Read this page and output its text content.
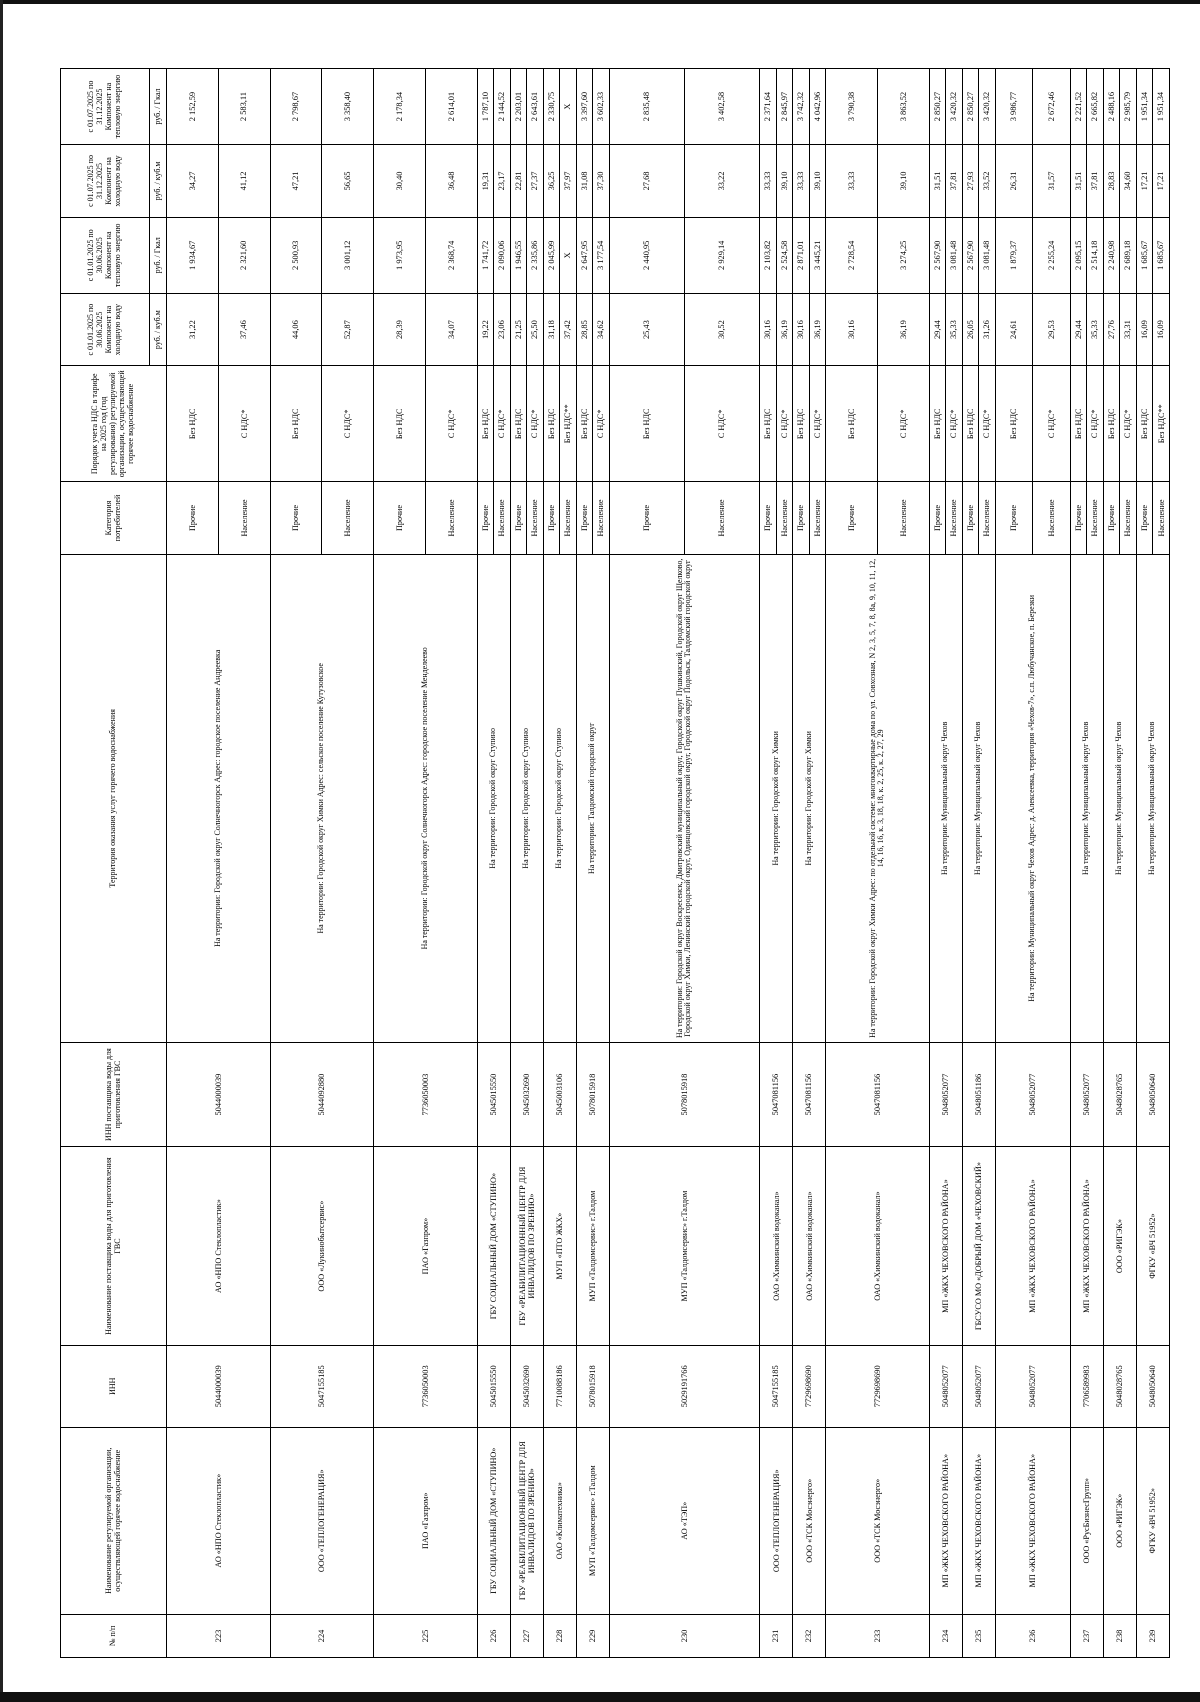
№ п/п	Наименование регулируемой организации, осуществляющей горячее водоснабжение	ИНН	Наименование поставщика воды для приготовления ГВС	ИНН поставщика воды для приготовления ГВС	Территория оказания услуг горячего водоснабжения	Категория потребителей	Порядок учета НДС в тарифе на 2025 год (год регулирования) регулируемой организации, осуществляющей горячее водоснабжение	с 01.01.2025 по 30.06.2025 Компонент на холодную воду	с 01.01.2025 по 30.06.2025 Компонент на тепловую энергию	с 01.07.2025 по 31.12.2025 Компонент на холодную воду	с 01.07.2025 по 31.12.2025 Компонент на тепловую энергию
								руб. / куб.м	руб. / Гкал	руб. / куб.м	руб. / Гкал
223	АО «НПО Стеклопластик»	5044000039	АО «НПО Стеклопластик»	5044000039	На территории: Городской округ Солнечногорск Адрес: городское поселение Андреевка	Прочие	Без НДС	31,22	1 934,67	34,27	2 152,59
						Население	С НДС*	37,46	2 321,60	41,12	2 583,11
224	ООО «ТЕПЛОГЕНЕРАЦИЯ»	5047155185	ООО «Лукинобытсервис»	5044092880	На территории: Городской округ Химки Адрес: сельское поселение Кутузовское	Прочие	Без НДС	44,06	2 500,93	47,21	2 798,67
						Население	С НДС*	52,87	3 001,12	56,65	3 358,40
225	ПАО «Газпром»	7736050003	ПАО «Газпром»	7736050003	На территории: Городской округ Солнечногорск Адрес: городское поселение Менделеево	Прочие	Без НДС	28,39	1 973,95	30,40	2 178,34
						Население	С НДС*	34,07	2 368,74	36,48	2 614,01
226	ГБУ СОЦИАЛЬНЫЙ ДОМ «СТУПИНО»	5045015550	ГБУ СОЦИАЛЬНЫЙ ДОМ «СТУПИНО»	5045015550	На территории: Городской округ Ступино	Прочие	Без НДС	19,22	1 741,72	19,31	1 787,10
						Население	С НДС*	23,06	2 090,06	23,17	2 144,52
227	ГБУ «РЕАБИЛИТАЦИОННЫЙ ЦЕНТР ДЛЯ ИНВАЛИДОВ ПО ЗРЕНИЮ»	5045032690	ГБУ «РЕАБИЛИТАЦИОННЫЙ ЦЕНТР ДЛЯ ИНВАЛИДОВ ПО ЗРЕНИЮ»	5045032690	На территории: Городской округ Ступино	Прочие	Без НДС	21,25	1 946,55	22,81	2 203,01
						Население	С НДС*	25,50	2 335,86	27,37	2 643,61
228	ОАО «Климатехника»	7710088186	МУП «ПТО ЖКХ»	5045003106	На территории: Городской округ Ступино	Прочие	Без НДС	31,18	2 045,99	36,25	2 330,75
						Население	Без НДС**	37,42	Х	37,97	Х
229	МУП «Талдомсервис» г.Талдом	5078015918	МУП «Талдомсервис» г.Талдом	5078015918	На территории: Талдомский городской округ	Прочие	Без НДС	28,85	2 647,95	31,08	3 397,60
						Население	С НДС*	34,62	3 177,54	37,30	3 602,33
230	АО «ТЭП»	5029191766	МУП «Талдомсервис» г.Талдом	5078015918	На территории: Городской округ Воскресенск, Дмитровский муниципальный округ, Городской округ Пушкинский, Городской округ Щелково, Городской округ Химки, Ленинский городской округ, Одинцовский городской округ, Городской округ Подольск, Талдомский городской округ	Прочие	Без НДС	25,43	2 440,95	27,68	2 835,48
						Население	С НДС*	30,52	2 929,14	33,22	3 402,58
231	ООО «ТЕПЛОГЕНЕРАЦИЯ»	5047155185	ОАО «Химкинский водоканал»	5047081156	На территории: Городской округ Химки	Прочие	Без НДС	30,16	2 103,82	33,33	2 371,64
						Население	С НДС*	36,19	2 524,58	39,10	2 845,97
232	ООО «ТСК Мосэнерго»	7729698690	ОАО «Химкинский водоканал»	5047081156	На территории: Городской округ Химки	Прочие	Без НДС	30,16	2 871,01	33,33	3 742,32
						Население	С НДС*	36,19	3 445,21	39,10	4 042,96
233	ООО «ТСК Мосэнерго»	7729698690	ОАО «Химкинский водоканал»	5047081156	На территории: Городской округ Химки Адрес: по отдельной системе: многоквартирные дома по ул. Совхозная, N 2, 3, 5, 7, 8, 8а, 9, 10, 11, 12, 14, 16, 16, к. 3, 18, 18, к. 2, 25, к. 2, 27, 29	Прочие	Без НДС	30,16	2 728,54	33,33	3 790,38
						Население	С НДС*	36,19	3 274,25	39,10	3 863,52
234	МП «ЖКХ ЧЕХОВСКОГО РАЙОНА»	5048052077	МП «ЖКХ ЧЕХОВСКОГО РАЙОНА»	5048052077	На территории: Муниципальный округ Чехов	Прочие	Без НДС	29,44	2 567,90	31,51	2 850,27
						Население	С НДС*	35,33	3 081,48	37,81	3 420,32
235	МП «ЖКХ ЧЕХОВСКОГО РАЙОНА»	5048052077	ГБСУСО МО «ДОБРЫЙ ДОМ «ЧЕХОВСКИЙ»	5048051186	На территории: Муниципальный округ Чехов	Прочие	Без НДС	26,05	2 567,90	27,93	2 850,27
						Население	С НДС*	31,26	3 081,48	33,52	3 420,32
236	МП «ЖКХ ЧЕХОВСКОГО РАЙОНА»	5048052077	МП «ЖКХ ЧЕХОВСКОГО РАЙОНА»	5048052077	На территории: Муниципальный округ Чехов Адрес: д. Алексеевка, территория «Чехов-7», с.п. Любучанское, п. Березки	Прочие	Без НДС	24,61	1 879,37	26,31	3 986,77
						Население	С НДС*	29,53	2 255,24	31,57	2 672,46
237	ООО «РусБизнесГрупп»	7706589983	МП «ЖКХ ЧЕХОВСКОГО РАЙОНА»	5048052077	На территории: Муниципальный округ Чехов	Прочие	Без НДС	29,44	2 095,15	31,51	2 221,52
						Население	С НДС*	35,33	2 514,18	37,81	2 665,82
238	ООО «РИГЭК»	5048028765	ООО «РИГЭК»	5048028765	На территории: Муниципальный округ Чехов	Прочие	Без НДС	27,76	2 240,98	28,83	2 488,16
						Население	С НДС*	33,31	2 689,18	34,60	2 985,79
239	ФГКУ «ВЧ 51952»	5048050640	ФГКУ «ВЧ 51952»	5048050640	На территории: Муниципальный округ Чехов	Прочие	Без НДС	16,09	1 685,67	17,21	1 951,34
						Население	Без НДС**	16,09	1 685,67	17,21	1 951,34
